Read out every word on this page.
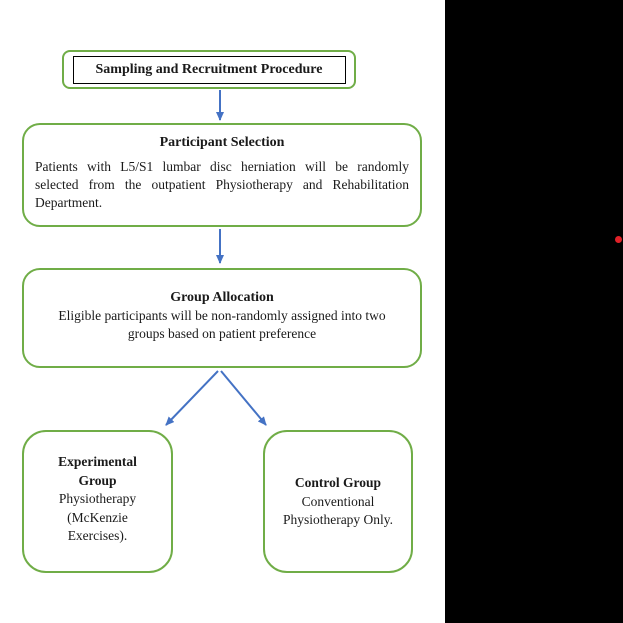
Sampling and Recruitment Procedure
Participant Selection
Patients with L5/S1 lumbar disc herniation will be randomly
selected from the outpatient Physiotherapy and Rehabilitation
Department.
Group Allocation
Eligible participants will be non-randomly assigned into two
groups based on patient preference
Experimental
Group
Physiotherapy
(McKenzie
Exercises).
Control Group
Conventional
Physiotherapy Only.
